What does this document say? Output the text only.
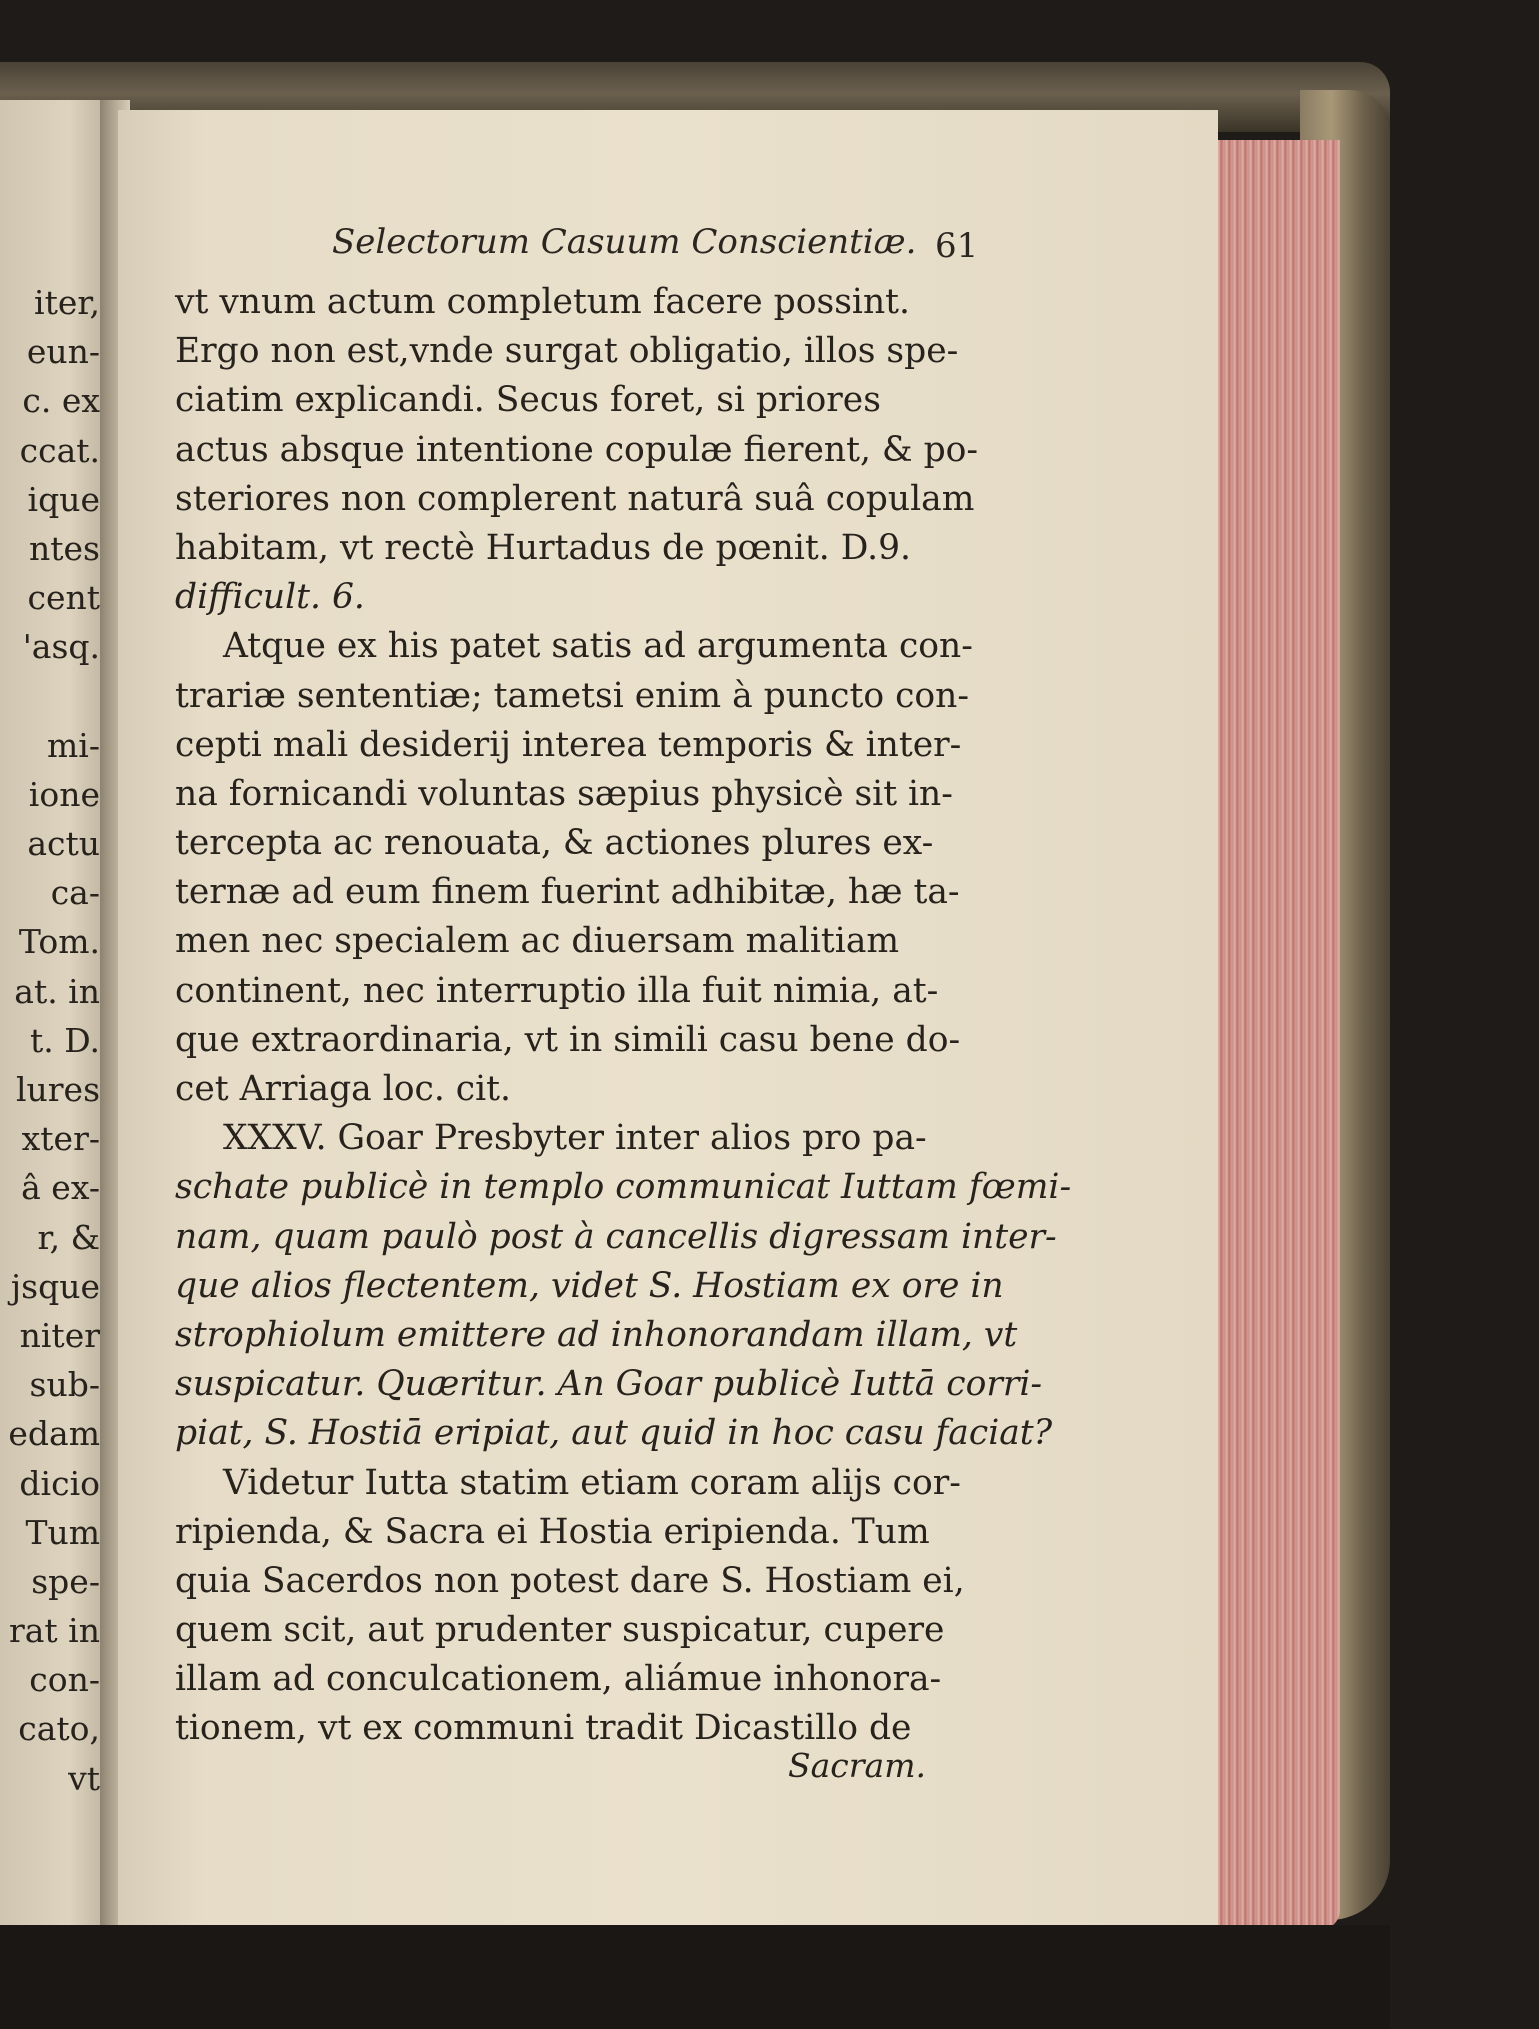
Selectorum Casuum Conscientiæ. 61
vt vnum actum completum facere possint.
Ergo non est,vnde surgat obligatio, illos spe-
ciatim explicandi. Secus foret, si priores
actus absque intentione copulæ fierent, & po-
steriores non complerent naturâ suâ copulam
habitam, vt rectè Hurtadus de pœnit. D.9.
difficult. 6.
Atque ex his patet satis ad argumenta con-
trariæ sententiæ; tametsi enim à puncto con-
cepti mali desiderij interea temporis & inter-
na fornicandi voluntas sæpius physicè sit in-
tercepta ac renouata, & actiones plures ex-
ternæ ad eum finem fuerint adhibitæ, hæ ta-
men nec specialem ac diuersam malitiam
continent, nec interruptio illa fuit nimia, at-
que extraordinaria, vt in simili casu bene do-
cet Arriaga loc. cit.
XXXV. Goar Presbyter inter alios pro pa-
schate publicè in templo communicat Iuttam fœmi-
nam, quam paulò post à cancellis digressam inter-
que alios flectentem, videt S. Hostiam ex ore in
strophiolum emittere ad inhonorandam illam, vt
suspicatur. Quæritur. An Goar publicè Iuttā corri-
piat, S. Hostiā eripiat, aut quid in hoc casu faciat?
Videtur Iutta statim etiam coram alijs cor-
ripienda, & Sacra ei Hostia eripienda. Tum
quia Sacerdos non potest dare S. Hostiam ei,
quem scit, aut prudenter suspicatur, cupere
illam ad conculcationem, aliámue inhonora-
tionem, vt ex communi tradit Dicastillo de
Sacram.
iter,
eun-
c. ex
ccat.
ique
ntes
cent
'asq.
mi-
ione
actu
ca-
Tom.
at. in
t. D.
lures
xter-
â ex-
r, &
jsque
niter
sub-
edam
dicio
Tum
spe-
rat in
con-
cato,
vt
